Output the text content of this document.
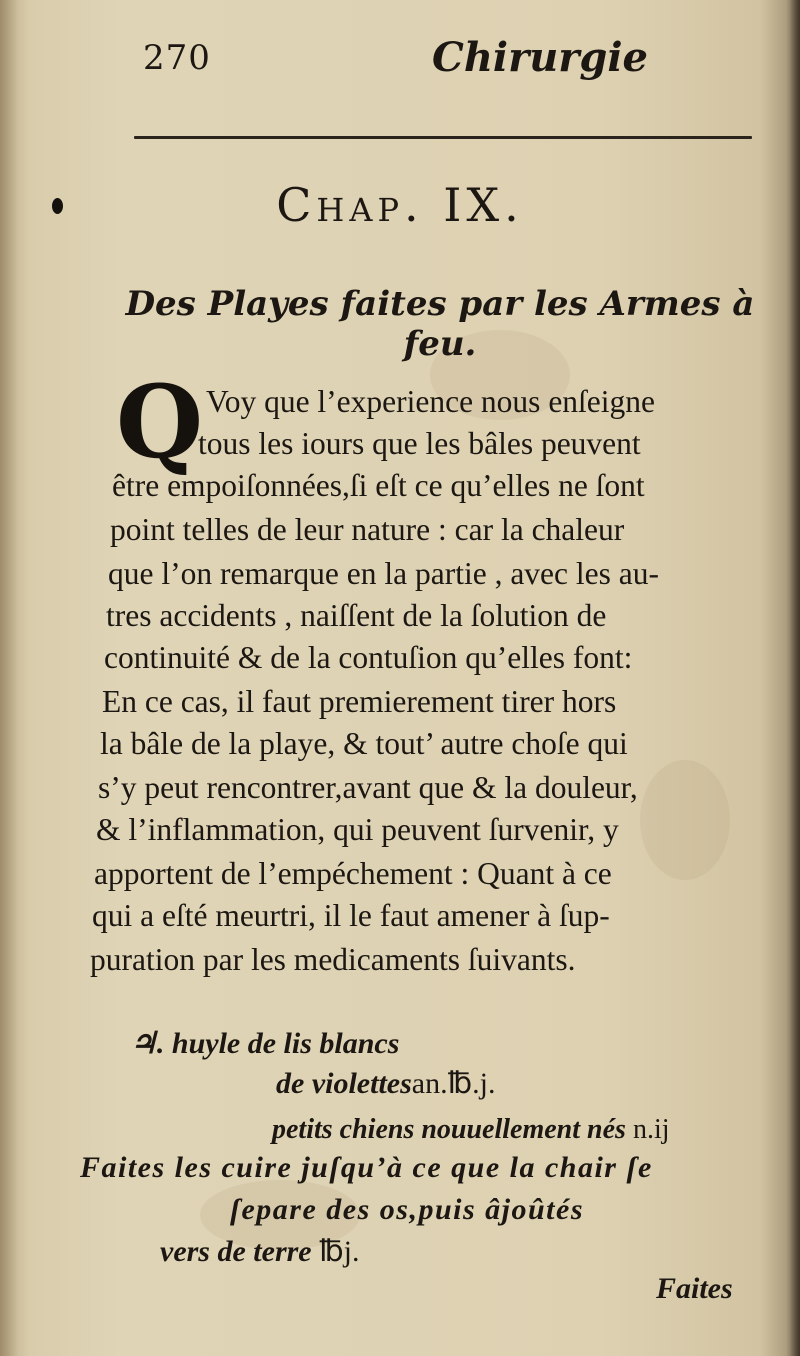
270	Chirurgie
Chap. IX.
Des Playes faites par les Armes à feu.
Q Voy que l’experience nous enſeigne
tous les iours que les bâles peuvent
être empoiſonnées,ſi eſt ce qu’elles ne ſont
point telles de leur nature : car la chaleur
que l’on remarque en la partie , avec les au-
tres accidents , naiſſent de la ſolution de
continuité & de la contuſion qu’elles font:
En ce cas, il faut premierement tirer hors
la bâle de la playe, & tout’ autre choſe qui
s’y peut rencontrer,avant que & la douleur,
& l’inflammation, qui peuvent ſurvenir, y
apportent de l’empéchement : Quant à ce
qui a eſté meurtri, il le faut amener à ſup-
puration par les medicaments ſuivants.
♃. huyle de lis blancs
de violettesan.℔.j.
petits chiens nouuellement nés n.ij
Faites les cuire juſqu’à ce que la chair ſe
ſepare des os,puis âjoûtés
vers de terre ℔j.
Faites
